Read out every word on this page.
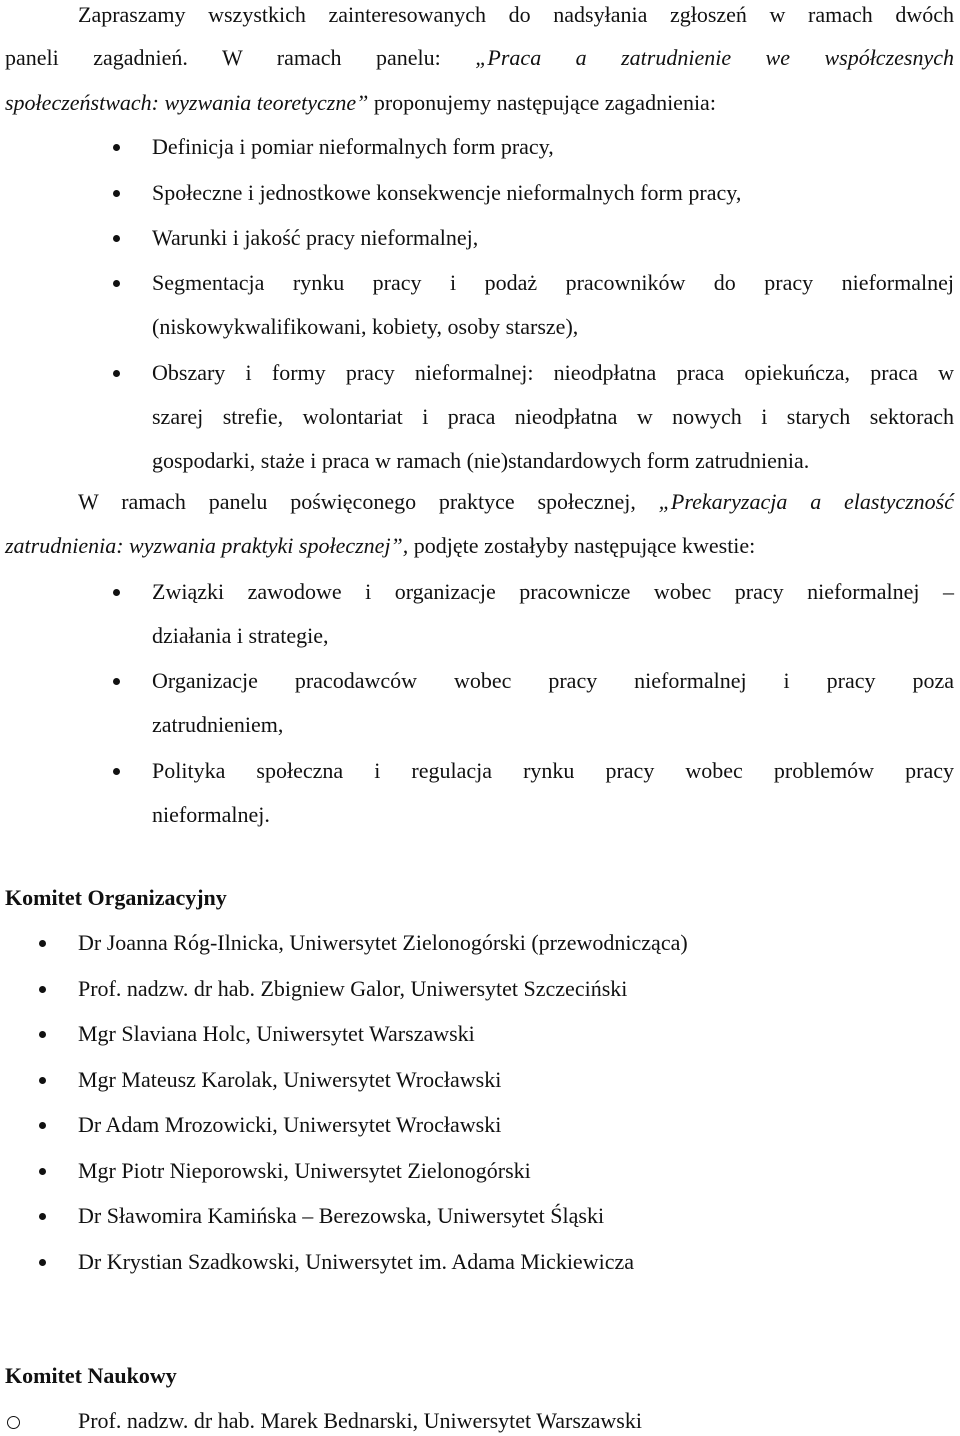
Zapraszamy wszystkich zainteresowanych do nadsyłania zgłoszeń w ramach dwóch
paneli zagadnień. W ramach panelu: „Praca a zatrudnienie we współczesnych
społeczeństwach: wyzwania teoretyczne” proponujemy następujące zagadnienia:
Definicja i pomiar nieformalnych form pracy,
Społeczne i jednostkowe konsekwencje nieformalnych form pracy,
Warunki i jakość pracy nieformalnej,
Segmentacja rynku pracy i podaż pracowników do pracy nieformalnej
(niskowykwalifikowani, kobiety, osoby starsze),
Obszary i formy pracy nieformalnej: nieodpłatna praca opiekuńcza, praca w
szarej strefie, wolontariat i praca nieodpłatna w nowych i starych sektorach
gospodarki, staże i praca w ramach (nie)standardowych form zatrudnienia.
W ramach panelu poświęconego praktyce społecznej, „Prekaryzacja a elastyczność
zatrudnienia: wyzwania praktyki społecznej”, podjęte zostałyby następujące kwestie:
Związki zawodowe i organizacje pracownicze wobec pracy nieformalnej –
działania i strategie,
Organizacje pracodawców wobec pracy nieformalnej i pracy poza
zatrudnieniem,
Polityka społeczna i regulacja rynku pracy wobec problemów pracy
nieformalnej.
Komitet Organizacyjny
Dr Joanna Róg-Ilnicka, Uniwersytet Zielonogórski (przewodnicząca)
Prof. nadzw. dr hab. Zbigniew Galor, Uniwersytet Szczeciński
Mgr Slaviana Holc, Uniwersytet Warszawski
Mgr Mateusz Karolak, Uniwersytet Wrocławski
Dr Adam Mrozowicki, Uniwersytet Wrocławski
Mgr Piotr Nieporowski, Uniwersytet Zielonogórski
Dr Sławomira Kamińska – Berezowska, Uniwersytet Śląski
Dr Krystian Szadkowski, Uniwersytet im. Adama Mickiewicza
Komitet Naukowy
Prof. nadzw. dr hab. Marek Bednarski, Uniwersytet Warszawski
